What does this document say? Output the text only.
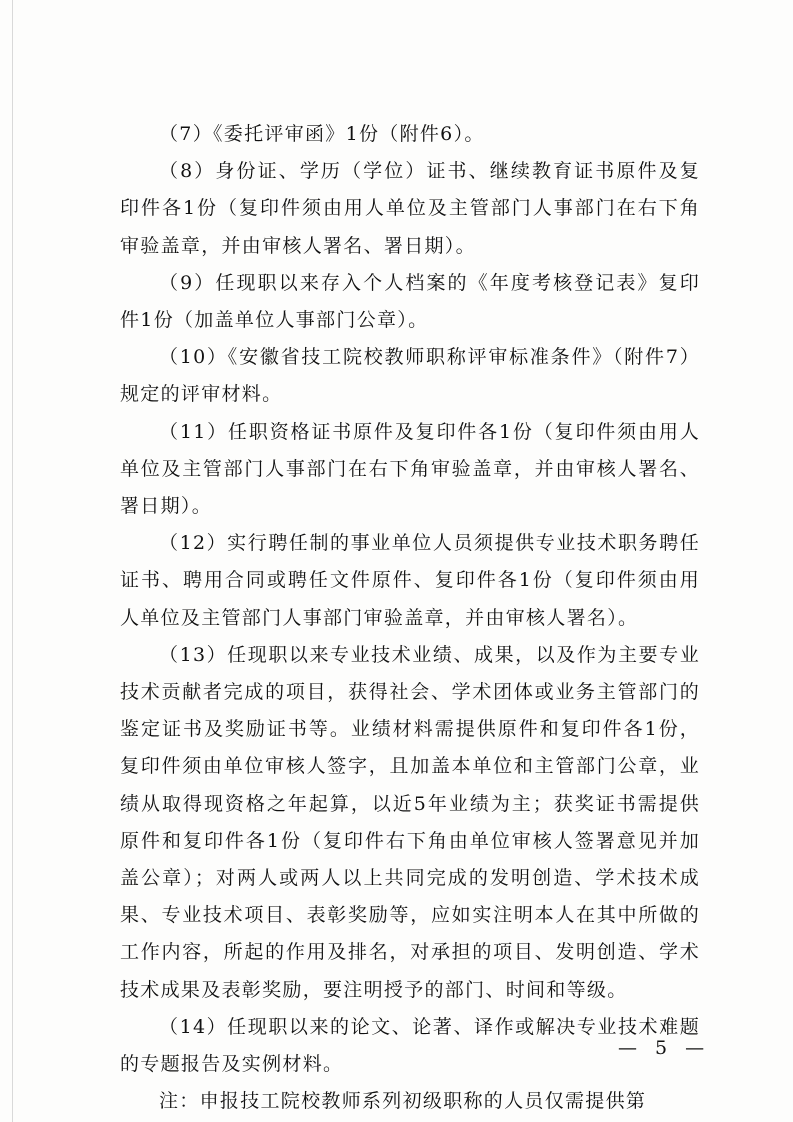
（7）《委托评审函》1份（附件6）。

（8）身份证、学历（学位）证书、继续教育证书原件及复印件各1份（复印件须由用人单位及主管部门人事部门在右下角审验盖章，并由审核人署名、署日期）。

（9）任现职以来存入个人档案的《年度考核登记表》复印件1份（加盖单位人事部门公章）。

（10）《安徽省技工院校教师职称评审标准条件》（附件7）规定的评审材料。

（11）任职资格证书原件及复印件各1份（复印件须由用人单位及主管部门人事部门在右下角审验盖章，并由审核人署名、署日期）。

（12）实行聘任制的事业单位人员须提供专业技术职务聘任证书、聘用合同或聘任文件原件、复印件各1份（复印件须由用人单位及主管部门人事部门审验盖章，并由审核人署名）。

（13）任现职以来专业技术业绩、成果，以及作为主要专业技术贡献者完成的项目，获得社会、学术团体或业务主管部门的鉴定证书及奖励证书等。业绩材料需提供原件和复印件各1份，复印件须由单位审核人签字，且加盖本单位和主管部门公章，业绩从取得现资格之年起算，以近5年业绩为主；获奖证书需提供原件和复印件各1份（复印件右下角由单位审核人签署意见并加盖公章）；对两人或两人以上共同完成的发明创造、学术技术成果、专业技术项目、表彰奖励等，应如实注明本人在其中所做的工作内容，所起的作用及排名，对承担的项目、发明创造、学术技术成果及表彰奖励，要注明授予的部门、时间和等级。

（14）任现职以来的论文、论著、译作或解决专业技术难题的专题报告及实例材料。

注：申报技工院校教师系列初级职称的人员仅需提供第

— 5 —
